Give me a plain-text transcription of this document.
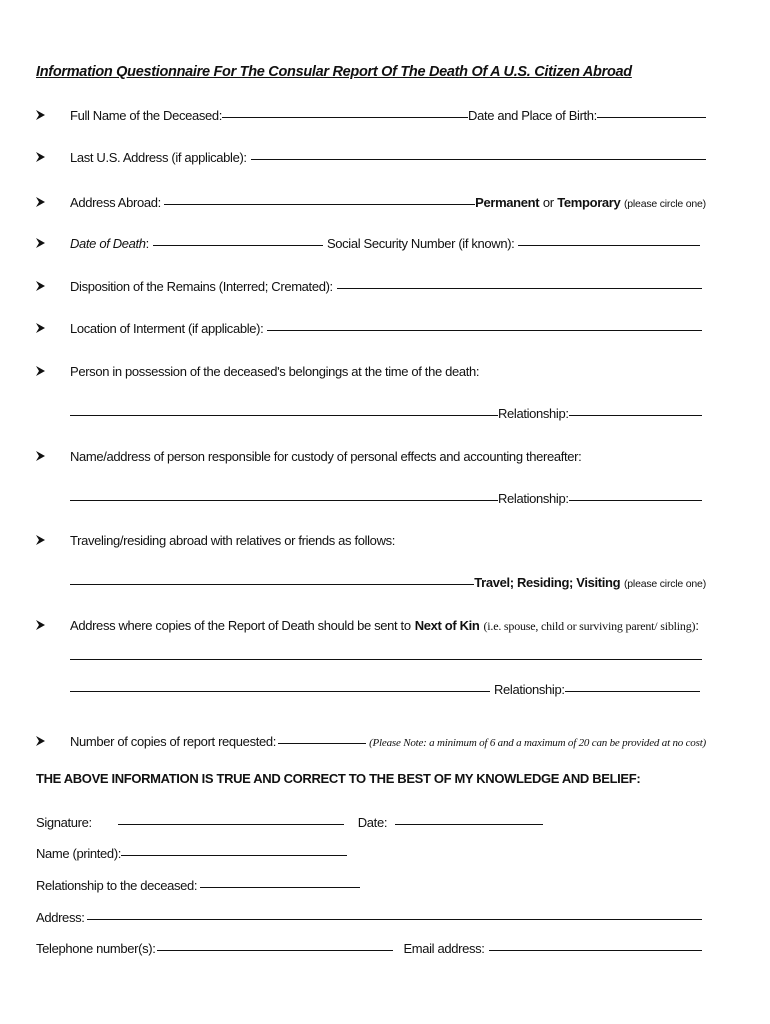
Information Questionnaire For The Consular Report Of The Death Of A U.S. Citizen Abroad
Full Name of the Deceased:	Date and Place of Birth:
Last U.S. Address (if applicable):
Address Abroad:	Permanent or Temporary (please circle one)
Date of Death :	Social Security Number (if known):
Disposition of the Remains (Interred; Cremated):
Location of Interment (if applicable):
Person in possession of the deceased's belongings at the time of the death:
Relationship:
Name/address of person responsible for custody of personal effects and accounting thereafter:
Relationship:
Traveling/residing abroad with relatives or friends as follows:
Travel; Residing; Visiting (please circle one)
Address where copies of the Report of Death should be sent to Next of Kin (i.e. spouse, child or surviving parent/ sibling) :
Relationship:
Number of copies of report requested:	(Please Note: a minimum of 6 and a maximum of 20 can be provided at no cost)
THE ABOVE INFORMATION IS TRUE AND CORRECT TO THE BEST OF MY KNOWLEDGE AND BELIEF:
Signature:	Date:
Name (printed):
Relationship to the deceased:
Address:
Telephone number(s):	Email address:
